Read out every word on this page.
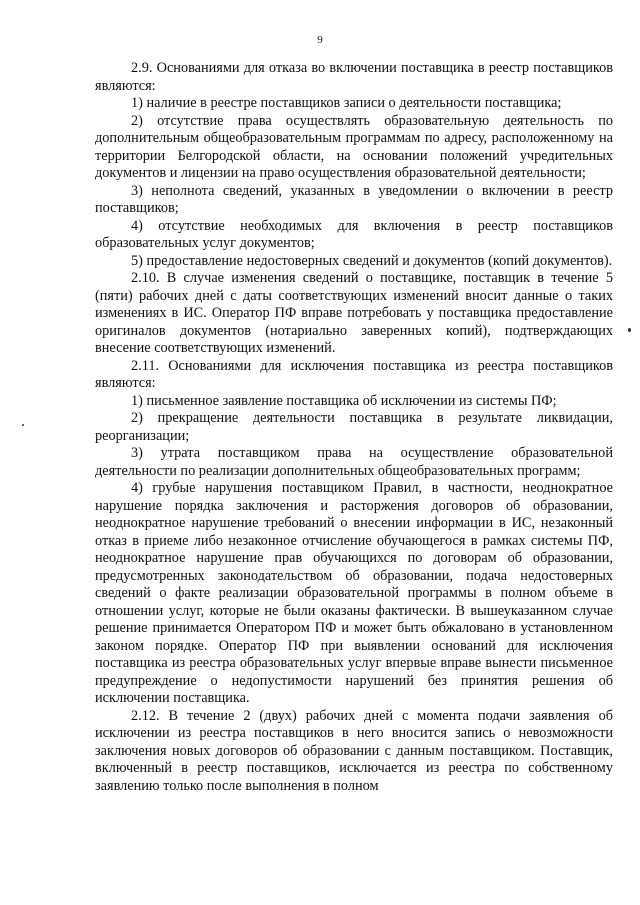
9

2.9. Основаниями для отказа во включении поставщика в реестр поставщиков являются:

1) наличие в реестре поставщиков записи о деятельности поставщика;

2) отсутствие права осуществлять образовательную деятельность по дополнительным общеобразовательным программам по адресу, расположенному на территории Белгородской области, на основании положений учредительных документов и лицензии на право осуществления образовательной деятельности;

3) неполнота сведений, указанных в уведомлении о включении в реестр поставщиков;

4) отсутствие необходимых для включения в реестр поставщиков образовательных услуг документов;

5) предоставление недостоверных сведений и документов (копий документов).

2.10. В случае изменения сведений о поставщике, поставщик в течение 5 (пяти) рабочих дней с даты соответствующих изменений вносит данные о таких изменениях в ИС. Оператор ПФ вправе потребовать у поставщика предоставление оригиналов документов (нотариально заверенных копий), подтверждающих внесение соответствующих изменений.

2.11. Основаниями для исключения поставщика из реестра поставщиков являются:

1) письменное заявление поставщика об исключении из системы ПФ;

2) прекращение деятельности поставщика в результате ликвидации, реорганизации;

3) утрата поставщиком права на осуществление образовательной деятельности по реализации дополнительных общеобразовательных программ;

4) грубые нарушения поставщиком Правил, в частности, неоднократное нарушение порядка заключения и расторжения договоров об образовании, неоднократное нарушение требований о внесении информации в ИС, незаконный отказ в приеме либо незаконное отчисление обучающегося в рамках системы ПФ, неоднократное нарушение прав обучающихся по договорам об образовании, предусмотренных законодательством об образовании, подача недостоверных сведений о факте реализации образовательной программы в полном объеме в отношении услуг, которые не были оказаны фактически. В вышеуказанном случае решение принимается Оператором ПФ и может быть обжаловано в установленном законом порядке. Оператор ПФ при выявлении оснований для исключения поставщика из реестра образовательных услуг впервые вправе вынести письменное предупреждение о недопустимости нарушений без принятия решения об исключении поставщика.

2.12. В течение 2 (двух) рабочих дней с момента подачи заявления об исключении из реестра поставщиков в него вносится запись о невозможности заключения новых договоров об образовании с данным поставщиком. Поставщик, включенный в реестр поставщиков, исключается из реестра по собственному заявлению только после выполнения в полном
